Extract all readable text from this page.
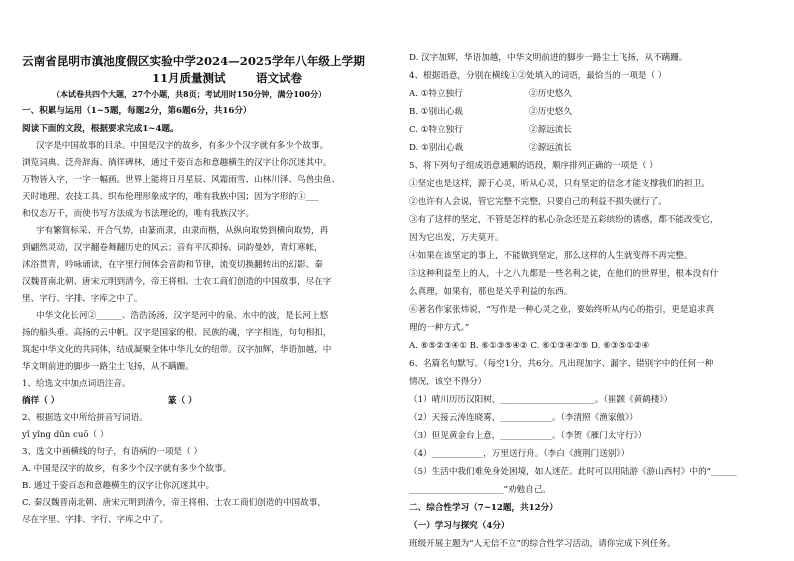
云南省昆明市滇池度假区实验中学2024—2025学年八年级上学期
11月质量测试	语文试卷
（本试卷共四个大题，27个小题，共8页；考试用时150分钟，满分100分）
一、积累与运用（1~5题，每题2分，第6题6分，共16分）
阅读下面的文段，根据要求完成1~4题。
汉字是中国故事的目录。中国是汉字的故乡，有多少个汉字就有多少个故事。
浏览词典、泛舟辞海、徜徉碑林，通过千姿百态和意趣横生的汉字让你沉迷其中。
万物皆入字，一字一幅画。世界上能将日月星辰、风霜雨雪、山林川泽、鸟兽虫鱼、
天时地理、农技工具、织布伦理形象成字的，唯有我族中国；因为字形的①___
和仪态万千，而使书写方法成为书法理论的，唯有我族汉字。
宇有繁简标采、开合气势，由篆而隶，由隶而楷，从纵向取势到横向取势，再
到翩然灵动，汉字翻卷舞翻历史的风云；音有平仄抑扬、词韵曼妙，青灯寒帐，
沭浴贯青，吟咏诵读，在字里行间体会音韵和节律，流变切换翻转出的幻影。秦
汉魏晋南北朝、唐宋元明到清今，帝王将相、士农工商们创造的中国故事，尽在字
里、字行、字排、字库之中了。
中华文化长河②______、浩浩汤汤，汉字是河中的泉、水中的波，是长河上悠
扬的船头垂、高扬的云中帆。汉字是国家的根、民族的魂，字字相连，句句相扣，
筑起中华文化的共同体，结成凝聚全体中华儿女的纽带。汉字加辉，华语加越，中
华文明前进的脚步一路尘土飞扬，从不蹒跚。
1、给选文中加点词语注音。
徜徉（ ）	篆（ ）
2、根据选文中所给拼音写词语。
yǐ yǐng dǔn cuō（ ）
3、选文中画横线的句子，有语病的一项是（ ）
A. 中国是汉字的故乡，有多少个汉字就有多少个故事。
B. 通过千姿百态和意趣横生的汉字让你沉迷其中。
C. 秦汉魏晋南北朝、唐宋元明到清今，帝王将相、士农工商们创造的中国故事，
尽在字里、字排、字行、字库之中了。
D. 汉字加辉，华语加越，中华文明前进的脚步一路尘土飞扬，从不蹒跚。
4、根据语意，分别在横线①②处填入的词语，最恰当的一项是（ ）
A. ①特立独行	②历史悠久
B. ①别出心裁	②历史悠久
C. ①特立独行	②源远流长
D. ①别出心裁	②源远流长
5、将下列句子组成语意通顺的语段，顺序排列正确的一项是（ ）
①坚定也是这样，源于心灵，听从心灵，只有坚定的信念才能支撑我们的担卫。
②也许有人会说，管它完整不完整，只要自己的利益不损失就行了。
③有了这样的坚定，不管是怎样的私心杂念还是五彩缤纷的诱惑，都不能改变它，
因为它出发，万夫莫开。
④如果在该坚定的事上，不能做到坚定，那么这样的人生就变得不再完整。
⑤这种利益至上的人，十之八九都是一些名利之徒，在他们的世界里，根本没有什
么真理，如果有，那也是关乎利益的东西。
⑥著名作家张炜说，“写作是一种心灵之业，要始终听从内心的指引，更是追求真
理的一种方式。”
A. ⑥⑤②③④① B. ⑥①③⑤④② C. ⑥①③④②⑤ D. ⑥③⑤①②④
6、名篇名句默写。（每空1分，共6分。凡出现加字、漏字、错别字中的任何一种
情况，该空不得分）
（1）晴川历历汉阳树，______________________。（崔颢《黄鹤楼》）
（2）天接云涛连晓雾，____________。（李清照《渔家傲》）
（3）但见黄金台上意，____________。（李贺《雁门太守行》）
（4）____________，万里送行舟。（李白《渡荆门送别》）
（5）生活中我们难免身处困境，如人迷茫。此时可以用陆游《游山西村》中的“______
______________________”劝勉自己。
二、综合性学习（7~12题，共12分）
（一）学习与探究（4分）
班级开展主题为“人无信不立”的综合性学习活动，请你完成下列任务。
